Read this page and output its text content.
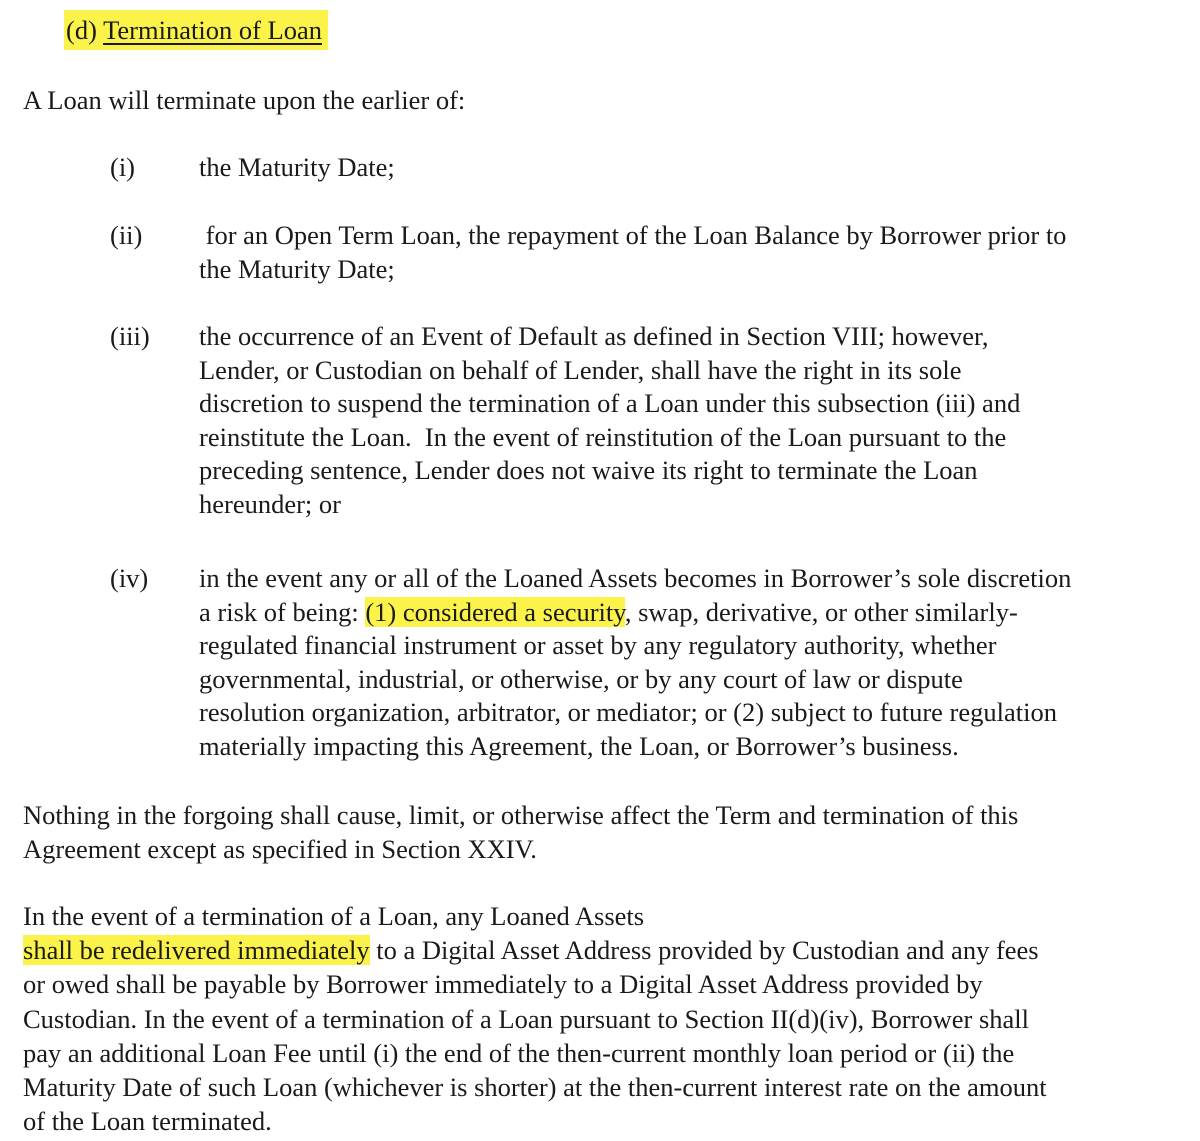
(d) Termination of Loan
A Loan will terminate upon the earlier of:
(i) the Maturity Date;
(ii) for an Open Term Loan, the repayment of the Loan Balance by Borrower prior to
the Maturity Date;
(iii) the occurrence of an Event of Default as defined in Section VIII; however,
Lender, or Custodian on behalf of Lender, shall have the right in its sole
discretion to suspend the termination of a Loan under this subsection (iii) and
reinstitute the Loan.  In the event of reinstitution of the Loan pursuant to the
preceding sentence, Lender does not waive its right to terminate the Loan
hereunder; or
(iv) in the event any or all of the Loaned Assets becomes in Borrower’s sole discretion
a risk of being: (1) considered a security, swap, derivative, or other similarly-
regulated financial instrument or asset by any regulatory authority, whether
governmental, industrial, or otherwise, or by any court of law or dispute
resolution organization, arbitrator, or mediator; or (2) subject to future regulation
materially impacting this Agreement, the Loan, or Borrower’s business.
Nothing in the forgoing shall cause, limit, or otherwise affect the Term and termination of this
Agreement except as specified in Section XXIV.
In the event of a termination of a Loan, any Loaned Assets
shall be redelivered immediately to a Digital Asset Address provided by Custodian and any fees
or owed shall be payable by Borrower immediately to a Digital Asset Address provided by
Custodian. In the event of a termination of a Loan pursuant to Section II(d)(iv), Borrower shall
pay an additional Loan Fee until (i) the end of the then-current monthly loan period or (ii) the
Maturity Date of such Loan (whichever is shorter) at the then-current interest rate on the amount
of the Loan terminated.
